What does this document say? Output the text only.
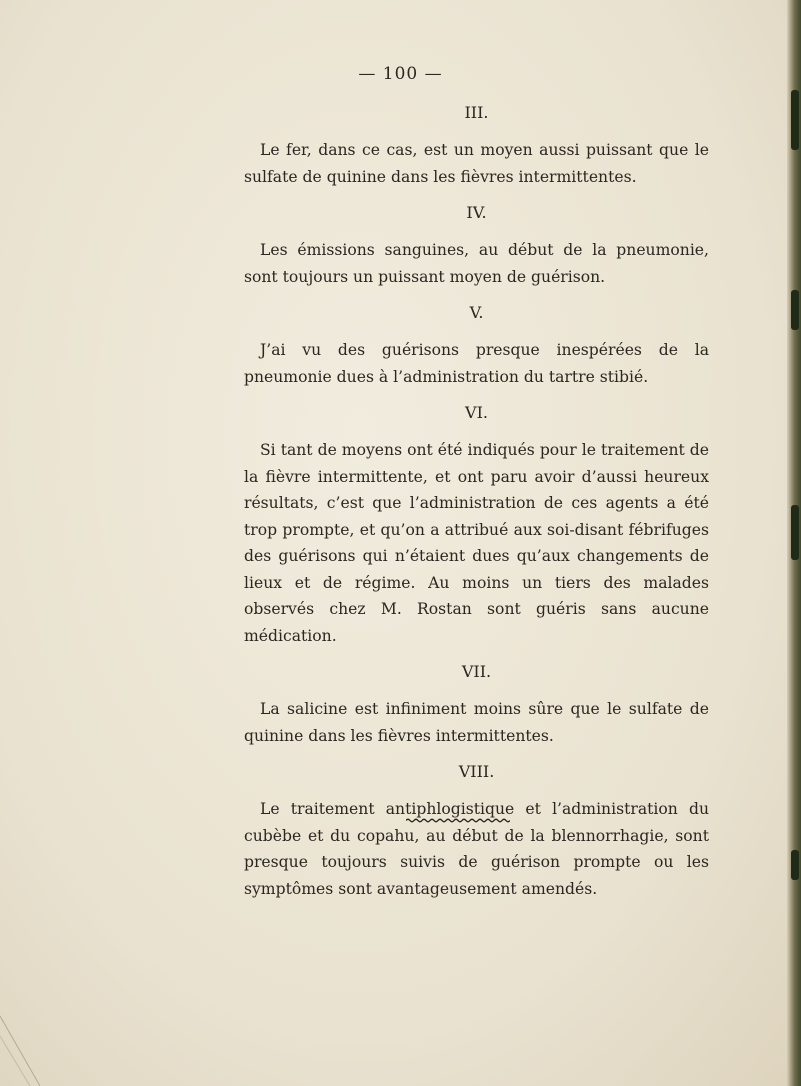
— 100 —
III.

Le fer, dans ce cas, est un moyen aussi puissant que le sulfate de quinine dans les fièvres intermittentes.

IV.

Les émissions sanguines, au début de la pneumonie, sont toujours un puissant moyen de guérison.

V.

J’ai vu des guérisons presque inespérées de la pneumonie dues à l’administration du tartre stibié.

VI.

Si tant de moyens ont été indiqués pour le traitement de la fièvre intermittente, et ont paru avoir d’aussi heureux résultats, c’est que l’administration de ces agents a été trop prompte, et qu’on a attribué aux soi-disant fébrifuges des guérisons qui n’étaient dues qu’aux changements de lieux et de régime. Au moins un tiers des malades observés chez M. Rostan sont guéris sans aucune médication.

VII.

La salicine est infiniment moins sûre que le sulfate de quinine dans les fièvres intermittentes.

VIII.

Le traitement antiphlogistique et l’administration du cubèbe et du copahu, au début de la blennorrhagie, sont presque toujours suivis de guérison prompte ou les symptômes sont avantageusement amendés.
